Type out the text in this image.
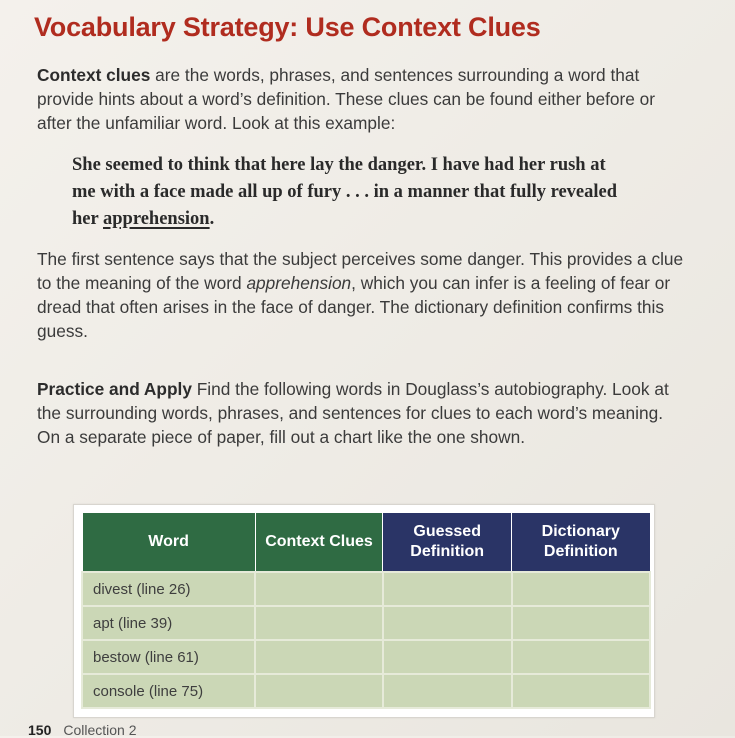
Vocabulary Strategy: Use Context Clues
Context clues are the words, phrases, and sentences surrounding a word that provide hints about a word’s definition. These clues can be found either before or after the unfamiliar word. Look at this example:
She seemed to think that here lay the danger. I have had her rush at me with a face made all up of fury . . . in a manner that fully revealed her apprehension.
The first sentence says that the subject perceives some danger. This provides a clue to the meaning of the word apprehension, which you can infer is a feeling of fear or dread that often arises in the face of danger. The dictionary definition confirms this guess.
Practice and Apply Find the following words in Douglass’s autobiography. Look at the surrounding words, phrases, and sentences for clues to each word’s meaning. On a separate piece of paper, fill out a chart like the one shown.
Word	Context Clues	Guessed Definition	Dictionary Definition
divest (line 26)			
apt (line 39)			
bestow (line 61)			
console (line 75)			
150 Collection 2
